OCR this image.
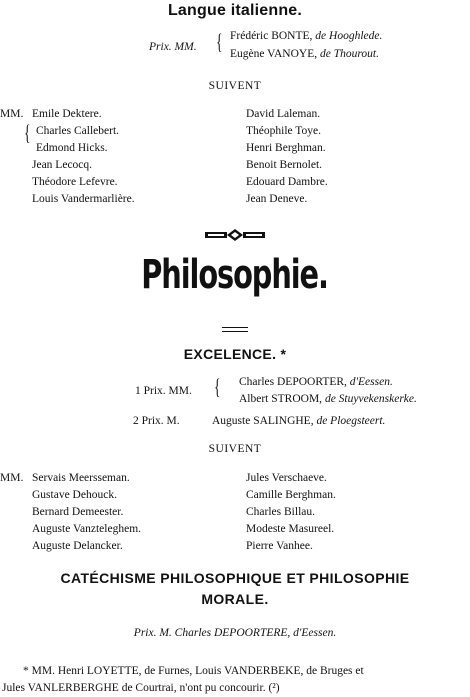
Langue italienne.
Prix. MM. { Frédéric BONTE, de Hooghlede.
Eugène VANOYE, de Thourout.
SUIVENT
MM.
{
Emile Dektere.
Charles Callebert.
Edmond Hicks.
Jean Lecocq.
Théodore Lefevre.
Louis Vandermarlière.
David Laleman.
Théophile Toye.
Henri Berghman.
Benoit Bernolet.
Edouard Dambre.
Jean Deneve.
Philosophie.
EXCELENCE. *
1 Prix. MM. { Charles DEPOORTER, d'Eessen.
Albert STROOM, de Stuyvekenskerke.
2 Prix. M.	Auguste SALINGHE, de Ploegsteert.
SUIVENT
MM. Servais Meersseman.
Gustave Dehouck.
Bernard Demeester.
Auguste Vanzteleghem.
Auguste Delancker.
Jules Verschaeve.
Camille Berghman.
Charles Billau.
Modeste Masureel.
Pierre Vanhee.
CATÉCHISME PHILOSOPHIQUE ET PHILOSOPHIE
MORALE.
Prix. M. Charles DEPOORTERE, d'Eessen.
* MM. Henri LOYETTE, de Furnes, Louis VANDERBEKE, de Bruges et
Jules VANLERBERGHE de Courtrai, n'ont pu concourir. (²)
